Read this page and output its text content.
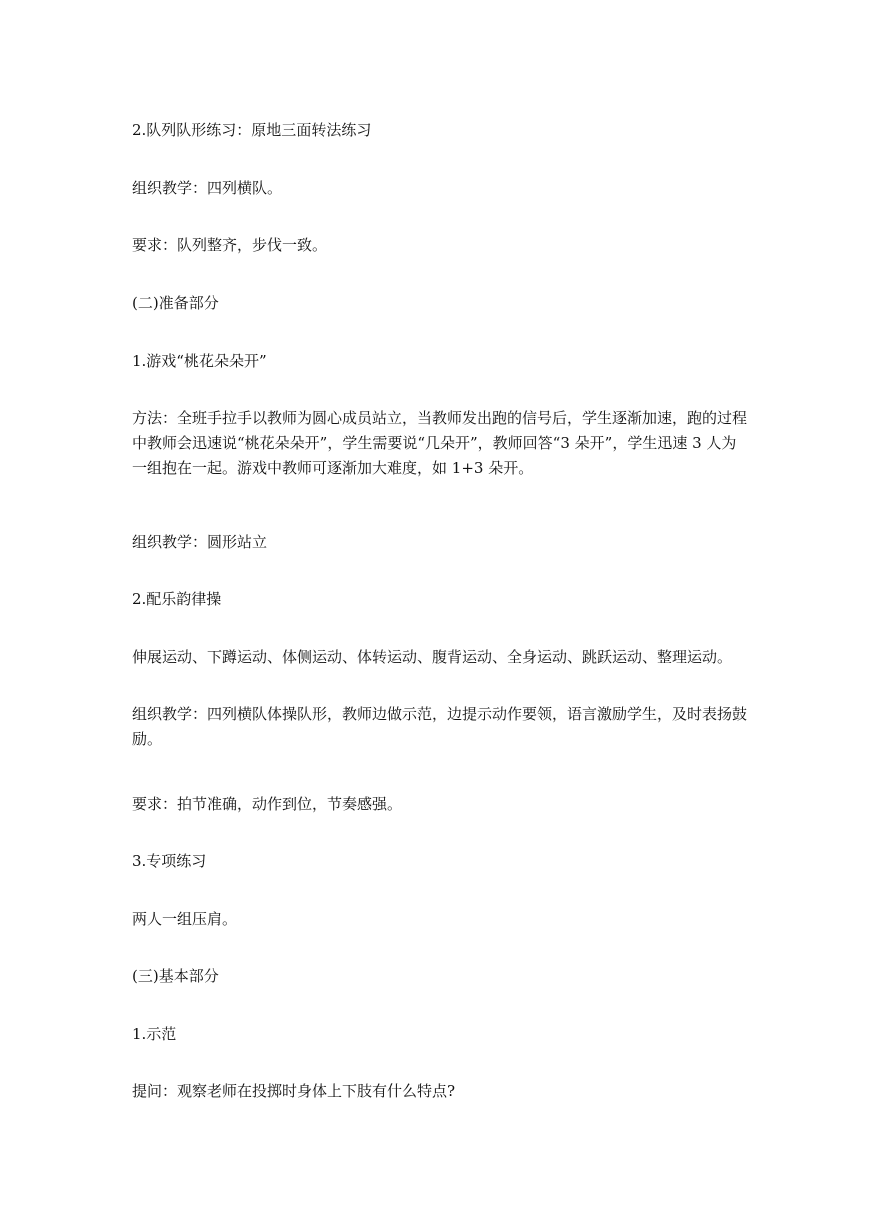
2.队列队形练习：原地三面转法练习

组织教学：四列横队。

要求：队列整齐，步伐一致。

(二)准备部分

1.游戏“桃花朵朵开”

方法：全班手拉手以教师为圆心成员站立，当教师发出跑的信号后，学生逐渐加速，跑的过程中教师会迅速说“桃花朵朵开”，学生需要说“几朵开”，教师回答“3 朵开”，学生迅速 3 人为一组抱在一起。游戏中教师可逐渐加大难度，如 1+3 朵开。

组织教学：圆形站立

2.配乐韵律操

伸展运动、下蹲运动、体侧运动、体转运动、腹背运动、全身运动、跳跃运动、整理运动。

组织教学：四列横队体操队形，教师边做示范，边提示动作要领，语言激励学生，及时表扬鼓励。

要求：拍节准确，动作到位，节奏感强。

3.专项练习

两人一组压肩。

(三)基本部分

1.示范

提问：观察老师在投掷时身体上下肢有什么特点?
